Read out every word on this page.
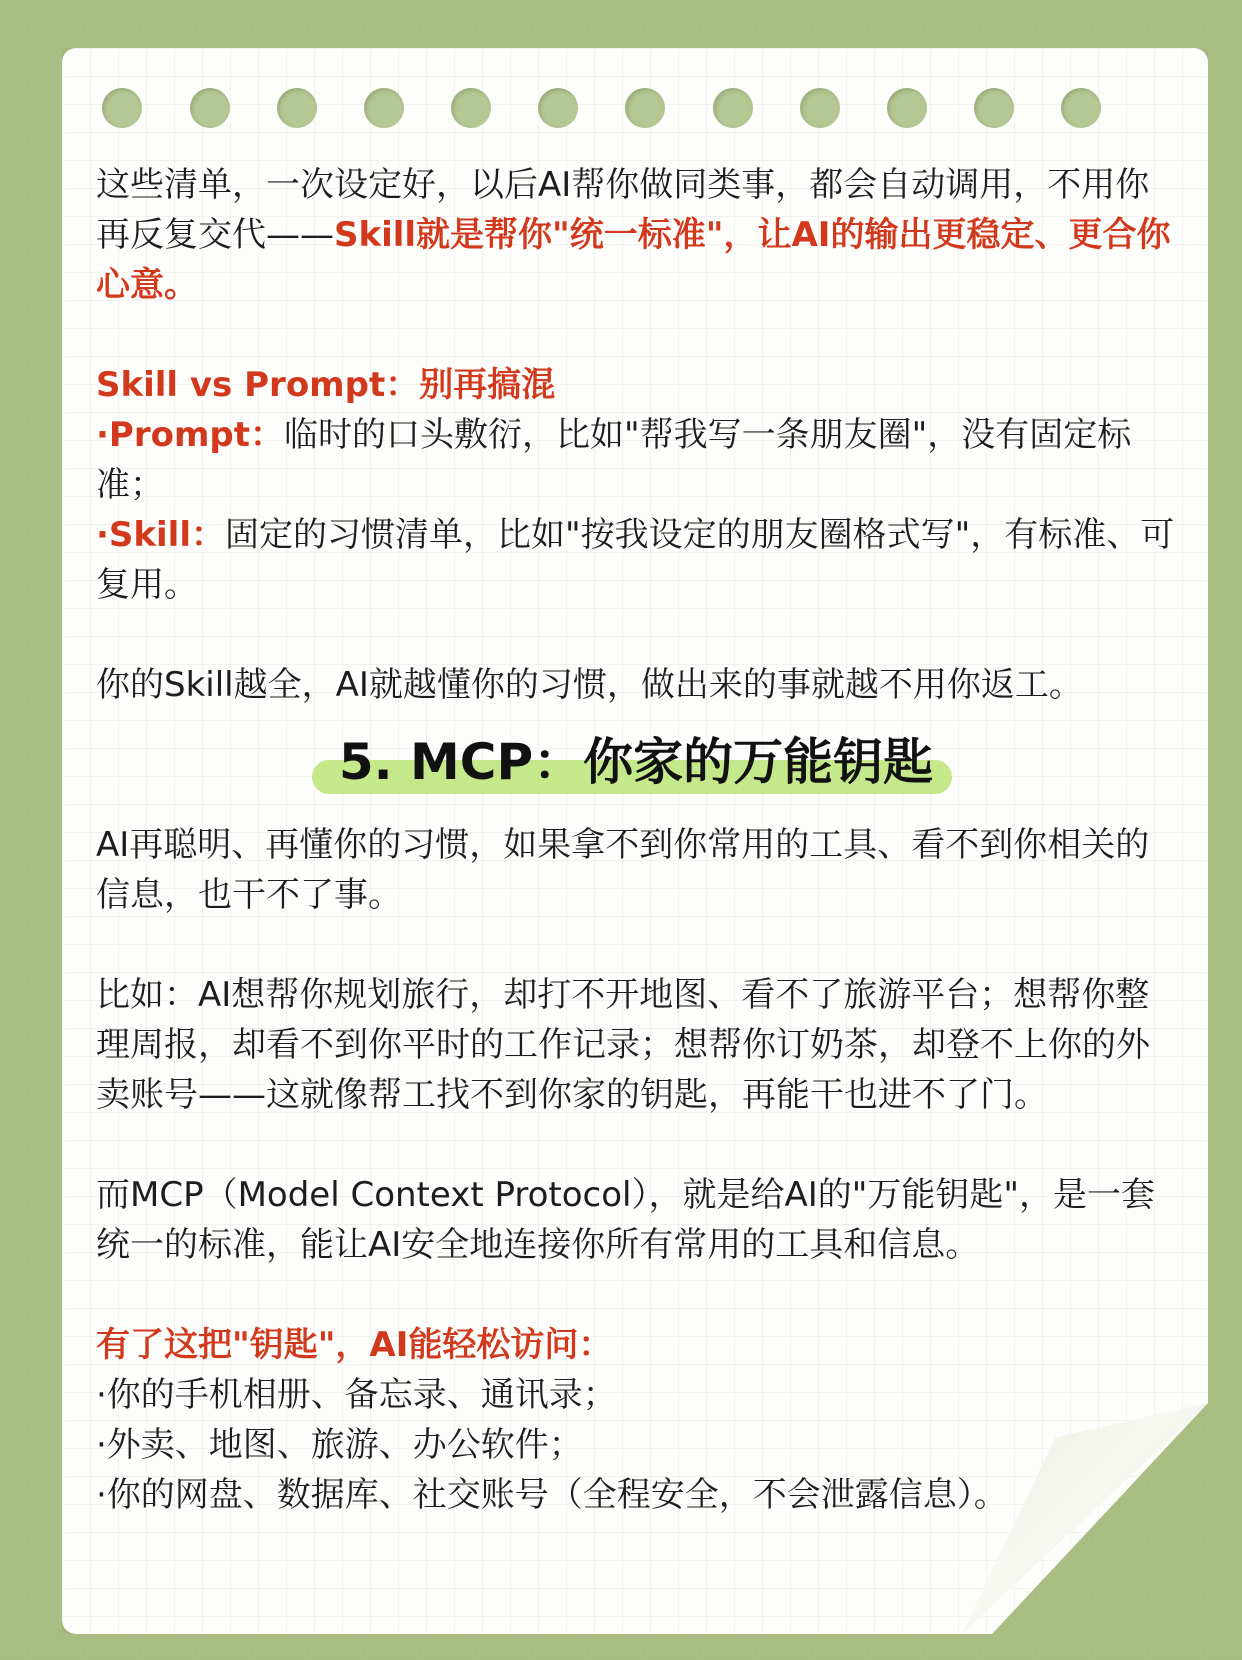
这些清单，一次设定好，以后AI帮你做同类事，都会自动调用，不用你再反复交代——Skill就是帮你"统一标准"，让AI的输出更稳定、更合你心意。

Skill vs Prompt：别再搞混

·Prompt：临时的口头敷衍，比如"帮我写一条朋友圈"，没有固定标准；

·Skill：固定的习惯清单，比如"按我设定的朋友圈格式写"，有标准、可复用。

你的Skill越全，AI就越懂你的习惯，做出来的事就越不用你返工。

5. MCP：你家的万能钥匙

AI再聪明、再懂你的习惯，如果拿不到你常用的工具、看不到你相关的信息，也干不了事。

比如：AI想帮你规划旅行，却打不开地图、看不了旅游平台；想帮你整理周报，却看不到你平时的工作记录；想帮你订奶茶，却登不上你的外卖账号——这就像帮工找不到你家的钥匙，再能干也进不了门。

而MCP（Model Context Protocol），就是给AI的"万能钥匙"，是一套统一的标准，能让AI安全地连接你所有常用的工具和信息。

有了这把"钥匙"，AI能轻松访问：

·你的手机相册、备忘录、通讯录；

·外卖、地图、旅游、办公软件；

·你的网盘、数据库、社交账号（全程安全，不会泄露信息）。
